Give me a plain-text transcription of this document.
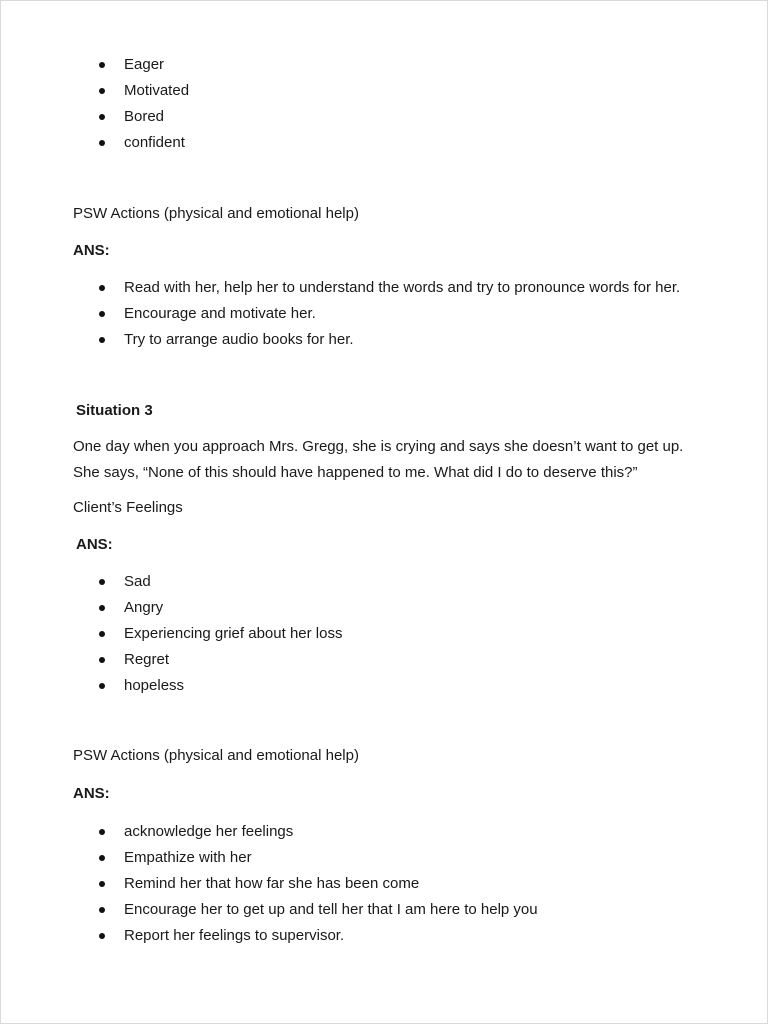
Eager
Motivated
Bored
confident
PSW Actions (physical and emotional help)
ANS:
Read with her, help her to understand the words and try to pronounce words for her.
Encourage and motivate her.
Try to arrange audio books for her.
Situation 3
One day when you approach Mrs. Gregg, she is crying and says she doesn’t want to get up.
She says, “None of this should have happened to me. What did I do to deserve this?”
Client’s Feelings
ANS:
Sad
Angry
Experiencing grief about her loss
Regret
hopeless
PSW Actions (physical and emotional help)
ANS:
acknowledge her feelings
Empathize with her
Remind her that how far she has been come
Encourage her to get up and tell her that I am here to help you
Report her feelings to supervisor.
